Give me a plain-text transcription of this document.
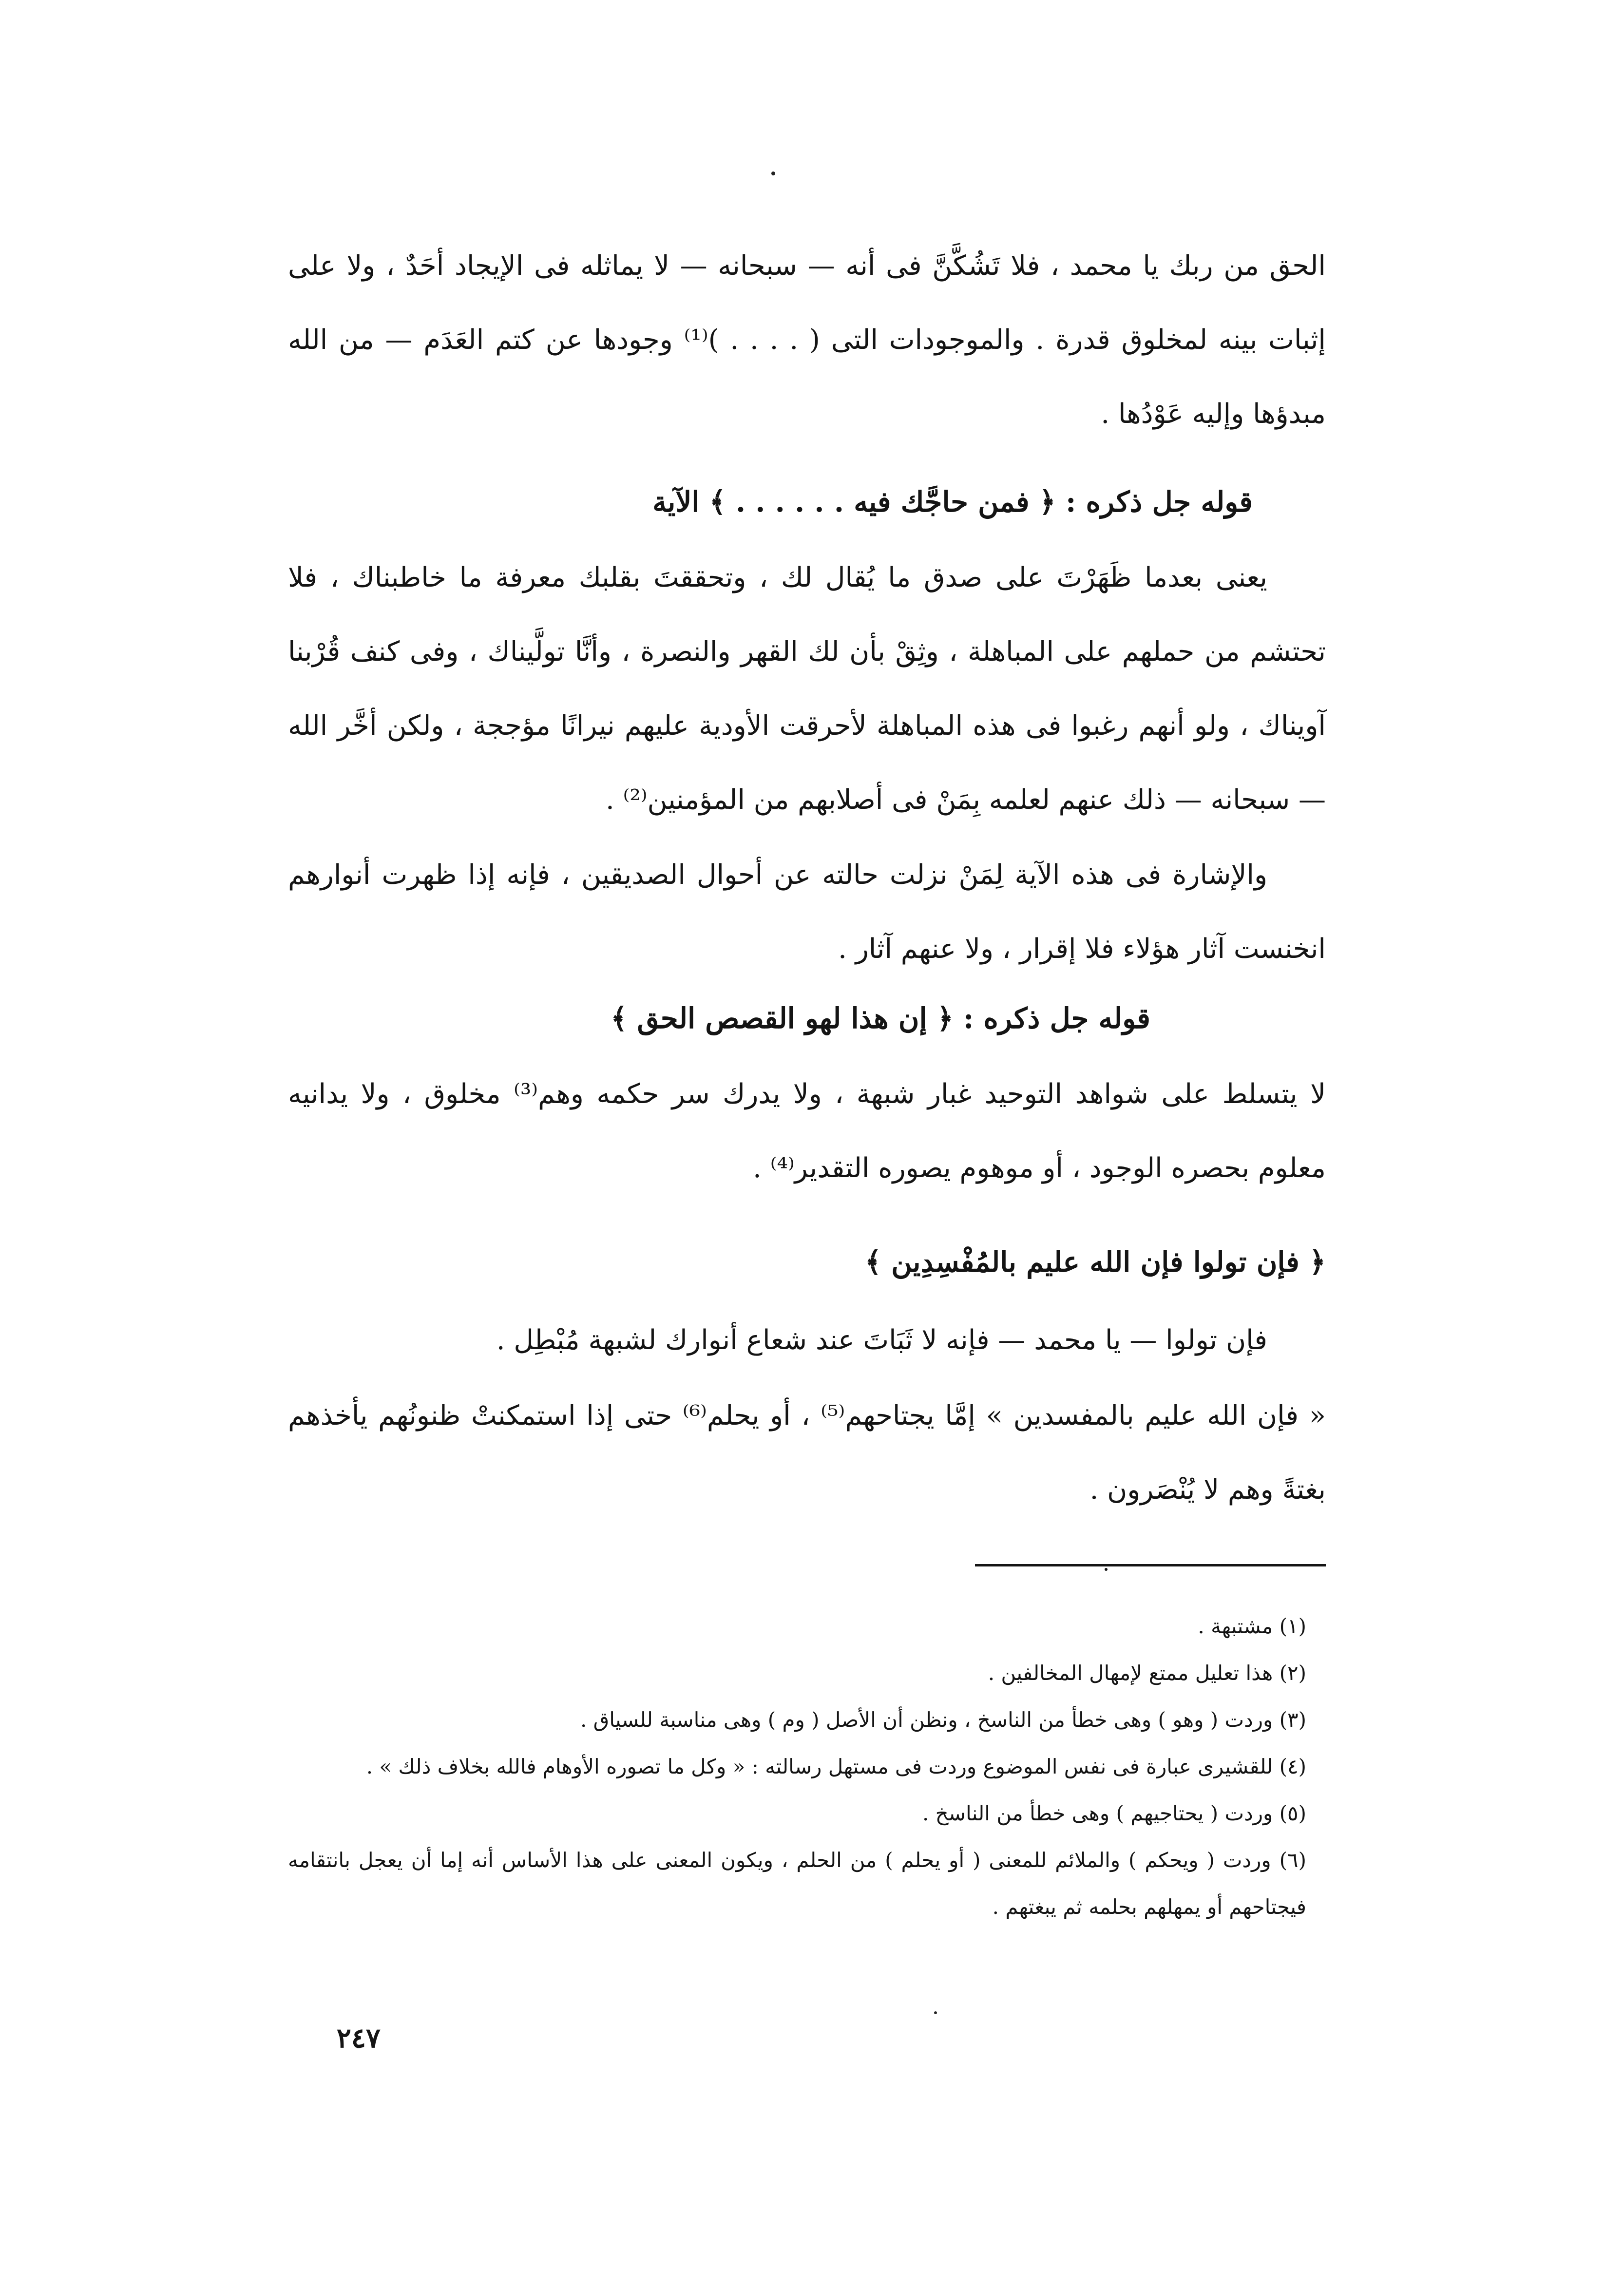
الحق من ربك يا محمد ، فلا تَشُكَّنَّ فى أنه — سبحانه — لا يماثله فى الإيجاد أحَدٌ ، ولا على إثبات بينه لمخلوق قدرة . والموجودات التى ( . . . . )⁽¹⁾ وجودها عن كتم العَدَم — من الله مبدؤها وإليه عَوْدُها .

قوله جل ذكره : ﴿ فمن حاجَّك فيه . . . . . . ﴾ الآية

يعنى بعدما ظَهَرْتَ على صدق ما يُقال لك ، وتحققتَ بقلبك معرفة ما خاطبناك ، فلا تحتشم من حملهم على المباهلة ، وثِقْ بأن لك القهر والنصرة ، وأنَّا تولَّيناك ، وفى كنف قُرْبنا آويناك ، ولو أنهم رغبوا فى هذه المباهلة لأحرقت الأودية عليهم نيرانًا مؤججة ، ولكن أخَّر الله — سبحانه — ذلك عنهم لعلمه بِمَنْ فى أصلابهم من المؤمنين⁽²⁾ .

والإشارة فى هذه الآية لِمَنْ نزلت حالته عن أحوال الصديقين ، فإنه إذا ظهرت أنوارهم انخنست آثار هؤلاء فلا إقرار ، ولا عنهم آثار .

قوله جل ذكره : ﴿ إن هذا لهو القصص الحق ﴾

لا يتسلط على شواهد التوحيد غبار شبهة ، ولا يدرك سر حكمه وهم⁽³⁾ مخلوق ، ولا يدانيه معلوم بحصره الوجود ، أو موهوم يصوره التقدير⁽⁴⁾ .

﴿ فإن تولوا فإن الله عليم بالمُفْسِدِين ﴾

فإن تولوا — يا محمد — فإنه لا ثَبَاتَ عند شعاع أنوارك لشبهة مُبْطِل .

« فإن الله عليم بالمفسدين » إمَّا يجتاحهم⁽⁵⁾ ، أو يحلم⁽⁶⁾ حتى إذا استمكنتْ ظنونُهم يأخذهم بغتةً وهم لا يُنْصَرون .

(١) مشتبهة .

(٢) هذا تعليل ممتع لإمهال المخالفين .

(٣) وردت ( وهو ) وهى خطأ من الناسخ ، ونظن أن الأصل ( وم ) وهى مناسبة للسياق .

(٤) للقشيرى عبارة فى نفس الموضوع وردت فى مستهل رسالته : « وكل ما تصوره الأوهام فالله بخلاف ذلك » .

(٥) وردت ( يحتاجيهم ) وهى خطأ من الناسخ .

(٦) وردت ( ويحكم ) والملائم للمعنى ( أو يحلم ) من الحلم ، ويكون المعنى على هذا الأساس أنه إما أن يعجل بانتقامه فيجتاحهم أو يمهلهم بحلمه ثم يبغتهم .

٢٤٧
